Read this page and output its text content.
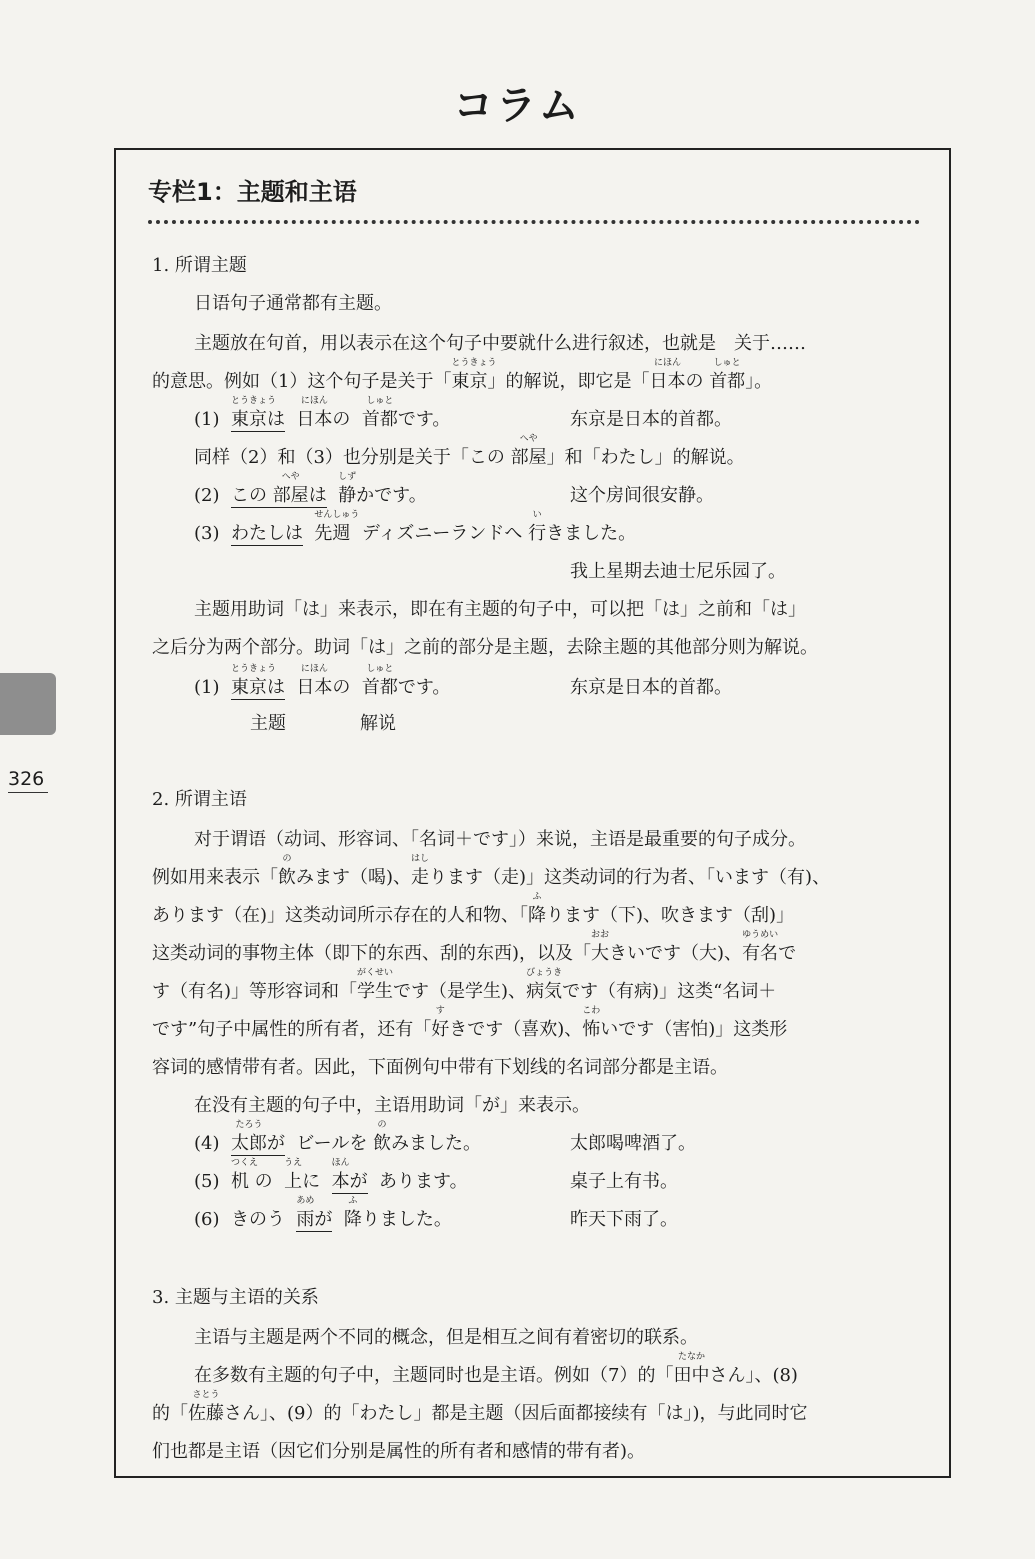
コラム
326
专栏1：主题和主语
1. 所谓主题
日语句子通常都有主题。
主题放在句首，用以表示在这个句子中要就什么进行叙述，也就是　关于……
的意思。例如（1）这个句子是关于「
とうきょう
東京」的解说，即它是「
にほん
日本の
しゅと
首都」。
(1)
とうきょう
東京は
にほん
日本の
しゅと
首都です。	东京是日本的首都。
同样（2）和（3）也分别是关于「この
へや
部屋」和「わたし」的解说。
(2) この
へや
部屋は
しず
静かです。	这个房间很安静。
(3) わたしは
せんしゅう
先週 ディズニーランドへ
い
行きました。
我上星期去迪士尼乐园了。
主题用助词「は」来表示，即在有主题的句子中，可以把「は」之前和「は」
之后分为两个部分。助词「は」之前的部分是主题，去除主题的其他部分则为解说。
(1)
とうきょう
東京は
にほん
日本の
しゅと
首都です。	东京是日本的首都。
主题	解说
2. 所谓主语
对于谓语（动词、形容词、「名词＋です」）来说，主语是最重要的句子成分。
例如用来表示「
の
飲みます（喝)、
はし
走ります（走)」这类动词的行为者、「います（有)、
あります（在)」这类动词所示存在的人和物、「
ふ
降ります（下)、吹きます（刮)」
这类动词的事物主体（即下的东西、刮的东西)，以及「
おお
大きいです（大)、
ゆうめい
有名で
す（有名)」等形容词和「
がくせい
学生です（是学生)、
びょうき
病気です（有病)」这类“名词＋
です”句子中属性的所有者，还有「
す
好きです（喜欢)、
こわ
怖いです（害怕)」这类形
容词的感情带有者。因此，下面例句中带有下划线的名词部分都是主语。
在没有主题的句子中，主语用助词「が」来表示。
(4)
たろう
太郎が ビールを
の
飲みました。	太郎喝啤酒了。
(5)
つくえ
机 の
うえ
上に
ほん
本が あります。	桌子上有书。
(6) きのう
あめ
雨が
ふ
降りました。	昨天下雨了。
3. 主题与主语的关系
主语与主题是两个不同的概念，但是相互之间有着密切的联系。
在多数有主题的句子中，主题同时也是主语。例如（7）的「
たなか
田中さん」、(8)
的「
さとう
佐藤さん」、(9）的「わたし」都是主题（因后面都接续有「は」)，与此同时它
们也都是主语（因它们分别是属性的所有者和感情的带有者)。
